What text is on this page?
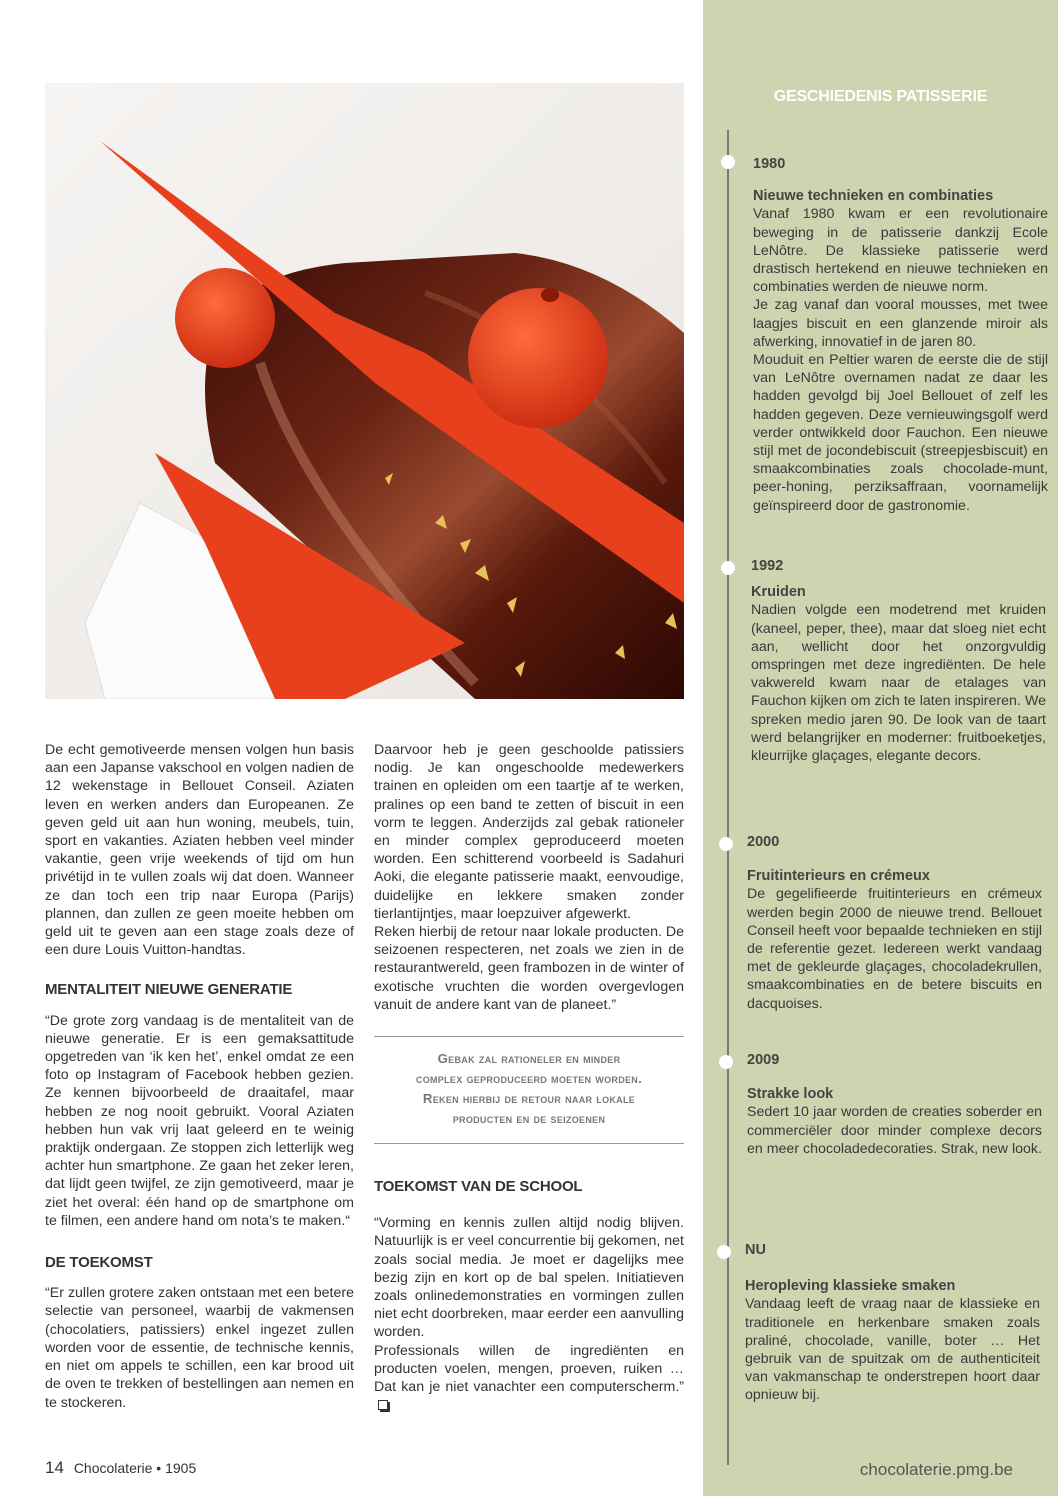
De echt gemotiveerde mensen volgen hun basis aan een Japanse vakschool en volgen nadien de 12 wekenstage in Bellouet Conseil. Aziaten leven en werken anders dan Europeanen. Ze geven geld uit aan hun woning, meubels, tuin, sport en vakanties. Aziaten hebben veel minder vakantie, geen vrije weekends of tijd om hun privétijd in te vullen zoals wij dat doen. Wanneer ze dan toch een trip naar Europa (Parijs) plannen, dan zullen ze geen moeite hebben om geld uit te geven aan een stage zoals deze of een dure Louis Vuitton-handtas.

MENTALITEIT NIEUWE GENERATIE

“De grote zorg vandaag is de mentaliteit van de nieuwe generatie. Er is een gemaksattitude opgetreden van ‘ik ken het’, enkel omdat ze een foto op Instagram of Facebook hebben gezien. Ze kennen bijvoorbeeld de draaitafel, maar hebben ze nog nooit gebruikt. Vooral Aziaten hebben hun vak vrij laat geleerd en te weinig praktijk ondergaan. Ze stoppen zich letterlijk weg achter hun smartphone. Ze gaan het zeker leren, dat lijdt geen twijfel, ze zijn gemotiveerd, maar je ziet het overal: één hand op de smartphone om te filmen, een andere hand om nota’s te maken.“

DE TOEKOMST

“Er zullen grotere zaken ontstaan met een betere selectie van personeel, waarbij de vakmensen (chocolatiers, patissiers) enkel ingezet zullen worden voor de essentie, de technische kennis, en niet om appels te schillen, een kar brood uit de oven te trekken of bestellingen aan nemen en te stockeren.

Daarvoor heb je geen geschoolde patissiers nodig. Je kan ongeschoolde medewerkers trainen en opleiden om een taartje af te werken, pralines op een band te zetten of biscuit in een vorm te leggen. Anderzijds zal gebak rationeler en minder complex geproduceerd moeten worden. Een schitterend voorbeeld is Sadahuri Aoki, die elegante patisserie maakt, eenvoudige, duidelijke en lekkere smaken zonder tierlantijntjes, maar loepzuiver afgewerkt.

Reken hierbij de retour naar lokale producten. De seizoenen respecteren, net zoals we zien in de restaurantwereld, geen frambozen in de winter of exotische vruchten die worden overgevlogen vanuit de andere kant van de planeet.”

Gebak zal rationeler en minder
complex geproduceerd moeten worden.
Reken hierbij de retour naar lokale
producten en de seizoenen
TOEKOMST VAN DE SCHOOL

“Vorming en kennis zullen altijd nodig blijven. Natuurlijk is er veel concurrentie bij gekomen, net zoals social media. Je moet er dagelijks mee bezig zijn en kort op de bal spelen. Initiatieven zoals onlinedemonstraties en vormingen zullen niet echt doorbreken, maar eerder een aanvulling worden.

Professionals willen de ingrediënten en producten voelen, mengen, proeven, ruiken … Dat kan je niet vanachter een computerscherm.”

14 Chocolaterie • 1905
GESCHIEDENIS PATISSERIE
1980
Nieuwe technieken en combinaties

Vanaf 1980 kwam er een revolutionaire beweging in de patisserie dankzij Ecole LeNôtre. De klassieke patisserie werd drastisch hertekend en nieuwe technieken en combinaties werden de nieuwe norm.

Je zag vanaf dan vooral mousses, met twee laagjes biscuit en een glanzende miroir als afwerking, innovatief in de jaren 80.

Mouduit en Peltier waren de eerste die de stijl van LeNôtre overnamen nadat ze daar les hadden gevolgd bij Joel Bellouet of zelf les hadden gegeven. Deze vernieuwingsgolf werd verder ontwikkeld door Fauchon. Een nieuwe stijl met de jocondebiscuit (streepjesbiscuit) en smaakcombinaties zoals chocolade-munt, peer-honing, perziksaffraan, voornamelijk geïnspireerd door de gastronomie.

1992
Kruiden

Nadien volgde een modetrend met kruiden (kaneel, peper, thee), maar dat sloeg niet echt aan, wellicht door het onzorgvuldig omspringen met deze ingrediënten. De hele vakwereld kwam naar de etalages van Fauchon kijken om zich te laten inspireren. We spreken medio jaren 90. De look van de taart werd belangrijker en moderner: fruitboeketjes, kleurrijke glaçages, elegante decors.

2000
Fruitinterieurs en crémeux

De gegelifieerde fruitinterieurs en crémeux werden begin 2000 de nieuwe trend. Bellouet Conseil heeft voor bepaalde technieken en stijl de referentie gezet. Iedereen werkt vandaag met de gekleurde glaçages, chocoladekrullen, smaakcombinaties en de betere biscuits en dacquoises.

2009
Strakke look

Sedert 10 jaar worden de creaties soberder en commerciëler door minder complexe decors en meer chocoladedecoraties. Strak, new look.

NU
Heropleving klassieke smaken

Vandaag leeft de vraag naar de klassieke en traditionele en herkenbare smaken zoals praliné, chocolade, vanille, boter … Het gebruik van de spuitzak om de authenticiteit van vakmanschap te onderstrepen hoort daar opnieuw bij.

chocolaterie.pmg.be
